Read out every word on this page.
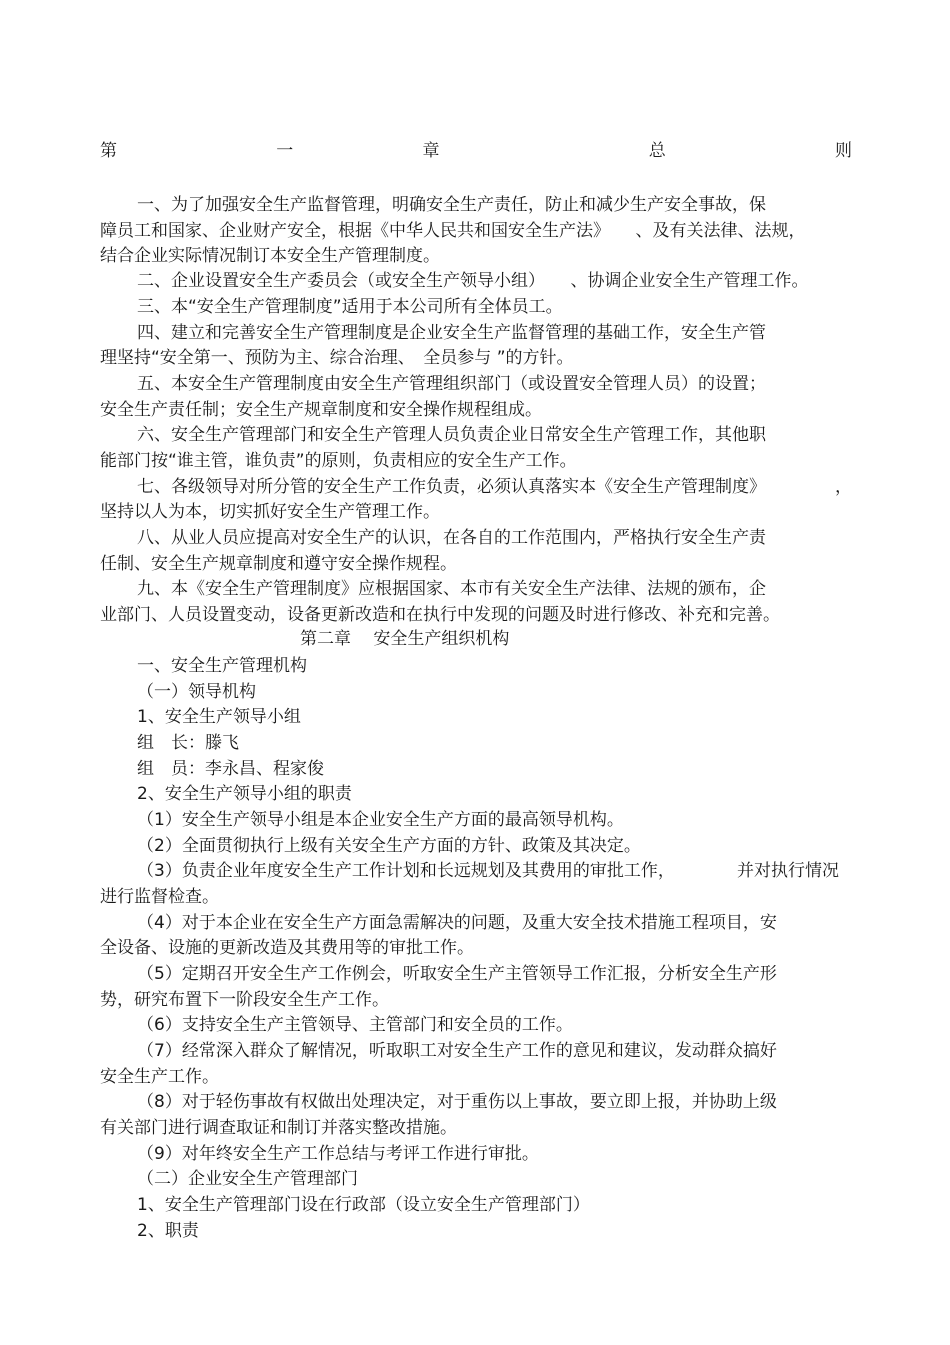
第	一	章	总	则
一、为了加强安全生产监督管理，明确安全生产责任，防止和减少生产安全事故，保
障员工和国家、企业财产安全，根据《中华人民共和国安全生产法》　　、及有关法律、法规，
结合企业实际情况制订本安全生产管理制度。
二、企业设置安全生产委员会（或安全生产领导小组）　　、协调企业安全生产管理工作。
三、本“安全生产管理制度”适用于本公司所有全体员工。
四、建立和完善安全生产管理制度是企业安全生产监督管理的基础工作，安全生产管
理坚持“安全第一、预防为主、综合治理、　全员参与 ”的方针。
五、本安全生产管理制度由安全生产管理组织部门（或设置安全管理人员）的设置；
安全生产责任制；安全生产规章制度和安全操作规程组成。
六、安全生产管理部门和安全生产管理人员负责企业日常安全生产管理工作，其他职
能部门按“谁主管，谁负责”的原则，负责相应的安全生产工作。
七、各级领导对所分管的安全生产工作负责，必须认真落实本《安全生产管理制度》	，
坚持以人为本，切实抓好安全生产管理工作。
八、从业人员应提高对安全生产的认识，在各自的工作范围内，严格执行安全生产责
任制、安全生产规章制度和遵守安全操作规程。
九、本《安全生产管理制度》应根据国家、本市有关安全生产法律、法规的颁布，企
业部门、人员设置变动，设备更新改造和在执行中发现的问题及时进行修改、补充和完善。
第二章　 安全生产组织机构
一、安全生产管理机构
（一）领导机构
1、安全生产领导小组
组　长：滕飞
组　员：李永昌、程家俊
2、安全生产领导小组的职责
（1）安全生产领导小组是本企业安全生产方面的最高领导机构。
（2）全面贯彻执行上级有关安全生产方面的方针、政策及其决定。
（3）负责企业年度安全生产工作计划和长远规划及其费用的审批工作，	并对执行情况
进行监督检查。
（4）对于本企业在安全生产方面急需解决的问题，及重大安全技术措施工程项目，安
全设备、设施的更新改造及其费用等的审批工作。
（5）定期召开安全生产工作例会，听取安全生产主管领导工作汇报，分析安全生产形
势，研究布置下一阶段安全生产工作。
（6）支持安全生产主管领导、主管部门和安全员的工作。
（7）经常深入群众了解情况，听取职工对安全生产工作的意见和建议，发动群众搞好
安全生产工作。
（8）对于轻伤事故有权做出处理决定，对于重伤以上事故，要立即上报，并协助上级
有关部门进行调查取证和制订并落实整改措施。
（9）对年终安全生产工作总结与考评工作进行审批。
（二）企业安全生产管理部门
1、安全生产管理部门设在行政部（设立安全生产管理部门）
2、职责
